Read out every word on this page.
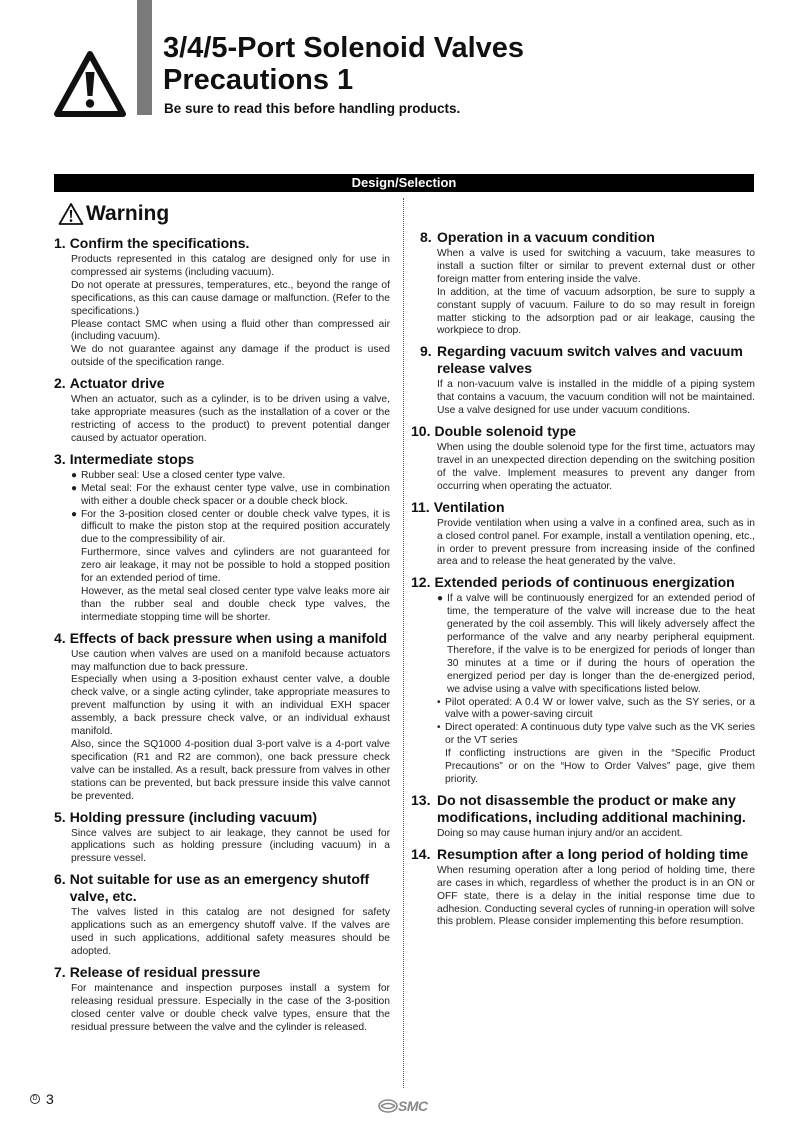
3/4/5-Port Solenoid Valves
Precautions 1
Be sure to read this before handling products.
Design/Selection
Warning
1. Confirm the specifications.

Products represented in this catalog are designed only for use in compressed air systems (including vacuum).

Do not operate at pressures, temperatures, etc., beyond the range of specifications, as this can cause damage or malfunction. (Refer to the specifications.)

Please contact SMC when using a fluid other than compressed air (including vacuum).

We do not guarantee against any damage if the product is used outside of the specification range.

2. Actuator drive

When an actuator, such as a cylinder, is to be driven using a valve, take appropriate measures (such as the installation of a cover or the restricting of access to the product) to prevent potential danger caused by actuator operation.

3. Intermediate stops
● Rubber seal: Use a closed center type valve.
● Metal seal: For the exhaust center type valve, use in combination with either a double check spacer or a double check block.
● For the 3-position closed center or double check valve types, it is difficult to make the piston stop at the required position accurately due to the compressibility of air.
Furthermore, since valves and cylinders are not guaranteed for zero air leakage, it may not be possible to hold a stopped position for an extended period of time.
However, as the metal seal closed center type valve leaks more air than the rubber seal and double check type valves, the intermediate stopping time will be shorter.
4. Effects of back pressure when using a manifold

Use caution when valves are used on a manifold because actuators may malfunction due to back pressure.

Especially when using a 3-position exhaust center valve, a double check valve, or a single acting cylinder, take appropriate measures to prevent malfunction by using it with an individual EXH spacer assembly, a back pressure check valve, or an individual exhaust manifold.

Also, since the SQ1000 4-position dual 3-port valve is a 4-port valve specification (R1 and R2 are common), one back pressure check valve can be installed. As a result, back pressure from valves in other stations can be prevented, but back pressure inside this valve cannot be prevented.

5. Holding pressure (including vacuum)

Since valves are subject to air leakage, they cannot be used for applications such as holding pressure (including vacuum) in a pressure vessel.

6. Not suitable for use as an emergency shutoff valve, etc.

The valves listed in this catalog are not designed for safety applications such as an emergency shutoff valve. If the valves are used in such applications, additional safety measures should be adopted.

7. Release of residual pressure

For maintenance and inspection purposes install a system for releasing residual pressure. Especially in the case of the 3-position closed center valve or double check valve types, ensure that the residual pressure between the valve and the cylinder is released.

8. Operation in a vacuum condition

When a valve is used for switching a vacuum, take measures to install a suction filter or similar to prevent external dust or other foreign matter from entering inside the valve.

In addition, at the time of vacuum adsorption, be sure to supply a constant supply of vacuum. Failure to do so may result in foreign matter sticking to the adsorption pad or air leakage, causing the workpiece to drop.

9. Regarding vacuum switch valves and vacuum release valves

If a non-vacuum valve is installed in the middle of a piping system that contains a vacuum, the vacuum condition will not be maintained. Use a valve designed for use under vacuum conditions.

10. Double solenoid type

When using the double solenoid type for the first time, actuators may travel in an unexpected direction depending on the switching position of the valve. Implement measures to prevent any danger from occurring when operating the actuator.

11. Ventilation

Provide ventilation when using a valve in a confined area, such as in a closed control panel. For example, install a ventilation opening, etc., in order to prevent pressure from increasing inside of the confined area and to release the heat generated by the valve.

12. Extended periods of continuous energization
● If a valve will be continuously energized for an extended period of time, the temperature of the valve will increase due to the heat generated by the coil assembly. This will likely adversely affect the performance of the valve and any nearby peripheral equipment. Therefore, if the valve is to be energized for periods of longer than 30 minutes at a time or if during the hours of operation the energized period per day is longer than the de-energized period, we advise using a valve with specifications listed below.
• Pilot operated: A 0.4 W or lower valve, such as the SY series, or a valve with a power-saving circuit
• Direct operated: A continuous duty type valve such as the VK series or the VT series
If conflicting instructions are given in the “Specific Product Precautions” or on the “How to Order Valves” page, give them priority.
13. Do not disassemble the product or make any modifications, including additional machining.

Doing so may cause human injury and/or an accident.

14. Resumption after a long period of holding time

When resuming operation after a long period of holding time, there are cases in which, regardless of whether the product is in an ON or OFF state, there is a delay in the initial response time due to adhesion. Conducting several cycles of running-in operation will solve this problem. Please consider implementing this before resumption.

D 3	SMC
